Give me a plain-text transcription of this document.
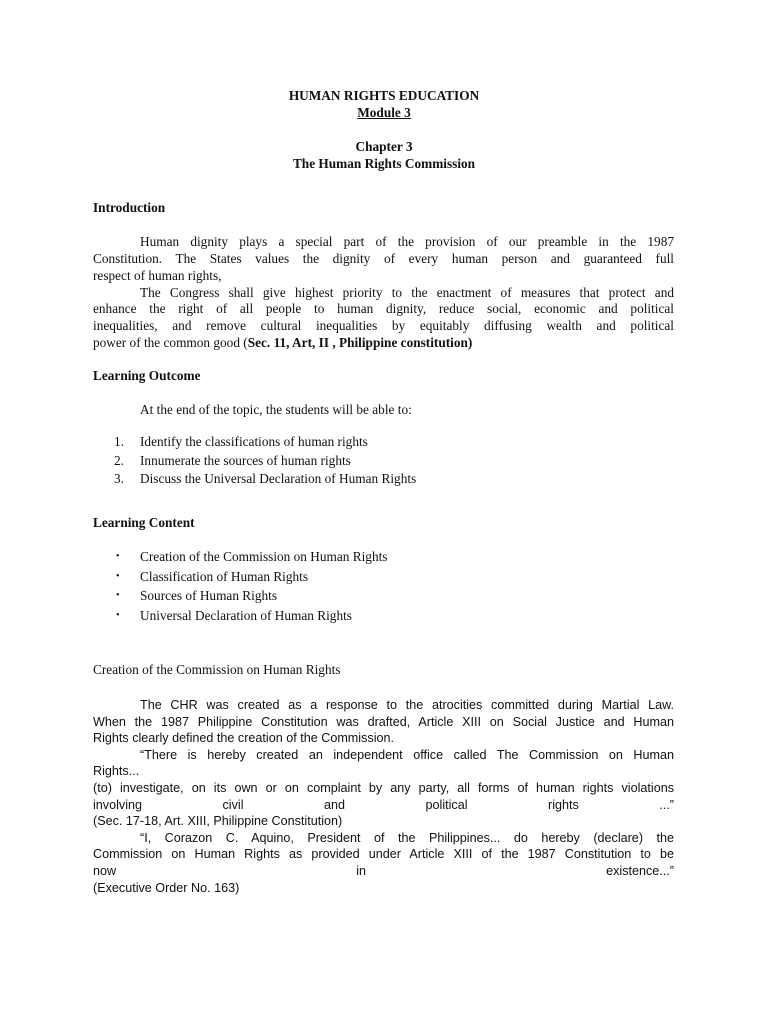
HUMAN RIGHTS EDUCATION
Module 3
Chapter 3
The Human Rights Commission
Introduction
Human dignity plays a special part of the provision of our preamble in the 1987
Constitution. The States values the dignity of every human person and guaranteed full
respect of human rights,
The Congress shall give highest priority to the enactment of measures that protect and
enhance the right of all people to human dignity, reduce social, economic and political
inequalities, and remove cultural inequalities by equitably diffusing wealth and political
power of the common good (Sec. 11, Art, II , Philippine constitution)
Learning Outcome
At the end of the topic, the students will be able to:
1. Identify the classifications of human rights
2. Innumerate the sources of human rights
3. Discuss the Universal Declaration of Human Rights
Learning Content
• Creation of the Commission on Human Rights
• Classification of Human Rights
• Sources of Human Rights
• Universal Declaration of Human Rights
Creation of the Commission on Human Rights
The CHR was created as a response to the atrocities committed during Martial Law.
When the 1987 Philippine Constitution was drafted, Article XIII on Social Justice and Human
Rights clearly defined the creation of the Commission.
“There is hereby created an independent office called The Commission on Human
Rights...
(to) investigate, on its own or on complaint by any party, all forms of human rights violations
involving civil and political rights ...”
(Sec. 17-18, Art. XIII, Philippine Constitution)
“I, Corazon C. Aquino, President of the Philippines... do hereby (declare) the
Commission on Human Rights as provided under Article XIII of the 1987 Constitution to be
now in existence...”
(Executive Order No. 163)
